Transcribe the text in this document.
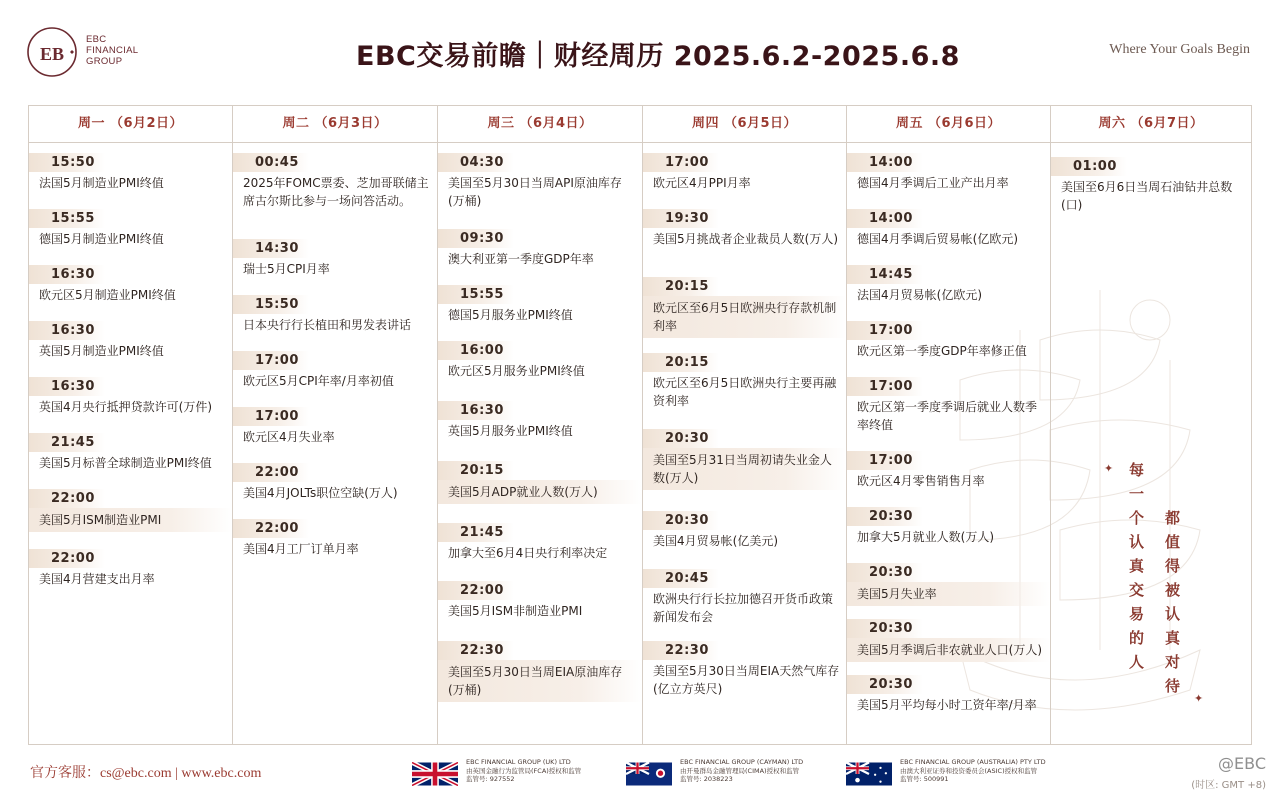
EB
EBC
FINANCIAL
GROUP	EBC交易前瞻｜财经周历 2025.6.2-2025.6.8	Where Your Goals Begin
周一 （6月2日）
15:50
法国5月制造业PMI终值
15:55
德国5月制造业PMI终值
16:30
欧元区5月制造业PMI终值
16:30
英国5月制造业PMI终值
16:30
英国4月央行抵押贷款许可(万件)
21:45
美国5月标普全球制造业PMI终值
22:00
美国5月ISM制造业PMI
22:00
美国4月营建支出月率
周二 （6月3日）
00:45
2025年FOMC票委、芝加哥联储主席古尔斯比参与一场问答活动。
14:30
瑞士5月CPI月率
15:50
日本央行行长植田和男发表讲话
17:00
欧元区5月CPI年率/月率初值
17:00
欧元区4月失业率
22:00
美国4月JOLTs职位空缺(万人)
22:00
美国4月工厂订单月率
周三 （6月4日）
04:30
美国至5月30日当周API原油库存(万桶)
09:30
澳大利亚第一季度GDP年率
15:55
德国5月服务业PMI终值
16:00
欧元区5月服务业PMI终值
16:30
英国5月服务业PMI终值
20:15
美国5月ADP就业人数(万人)
21:45
加拿大至6月4日央行利率决定
22:00
美国5月ISM非制造业PMI
22:30
美国至5月30日当周EIA原油库存(万桶)
周四 （6月5日）
17:00
欧元区4月PPI月率
19:30
美国5月挑战者企业裁员人数(万人)
20:15
欧元区至6月5日欧洲央行存款机制利率
20:15
欧元区至6月5日欧洲央行主要再融资利率
20:30
美国至5月31日当周初请失业金人数(万人)
20:30
美国4月贸易帐(亿美元)
20:45
欧洲央行行长拉加德召开货币政策新闻发布会
22:30
美国至5月30日当周EIA天然气库存(亿立方英尺)
周五 （6月6日）
14:00
德国4月季调后工业产出月率
14:00
德国4月季调后贸易帐(亿欧元)
14:45
法国4月贸易帐(亿欧元)
17:00
欧元区第一季度GDP年率修正值
17:00
欧元区第一季度季调后就业人数季率终值
17:00
欧元区4月零售销售月率
20:30
加拿大5月就业人数(万人)
20:30
美国5月失业率
20:30
美国5月季调后非农就业人口(万人)
20:30
美国5月平均每小时工资年率/月率
周六 （6月7日）
01:00
美国至6月6日当周石油钻井总数(口)
每一个认真交易的人 都值得被认真对待
✦
✦
官方客服：cs@ebc.com | www.ebc.com
EBC FINANCIAL GROUP (UK) LTD
由英国金融行为监管局(FCA)授权和监管
监管号: 927552
EBC FINANCIAL GROUP (CAYMAN) LTD
由开曼群岛金融管理局(CIMA)授权和监管
监管号: 2038223
EBC FINANCIAL GROUP (AUSTRALIA) PTY LTD
由澳大利亚证券和投资委员会(ASIC)授权和监管
监管号: 500991
@EBC
(时区: GMT +8)
